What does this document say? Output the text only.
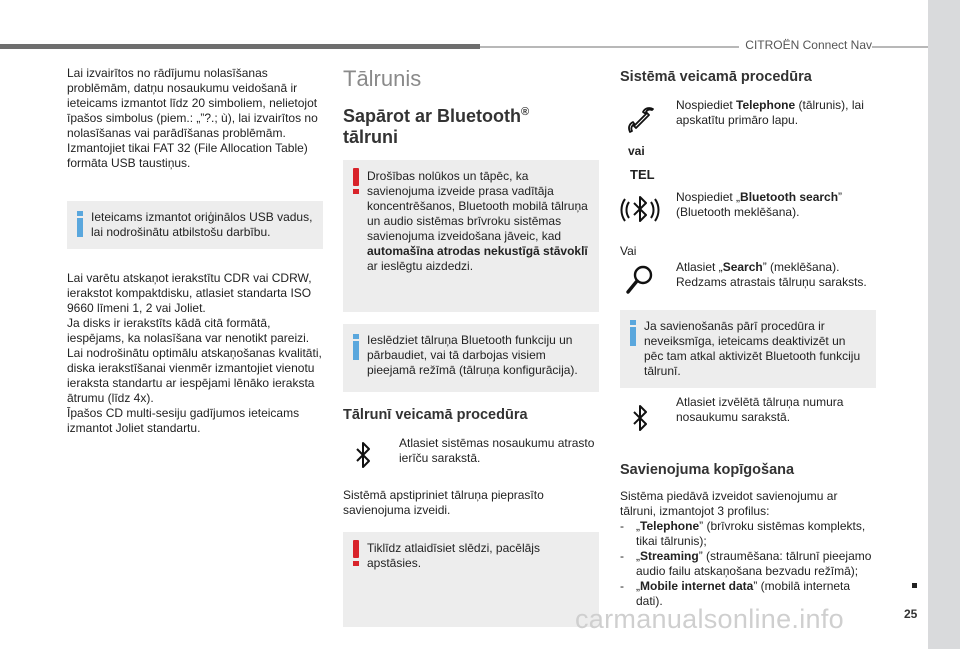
CITROËN Connect Nav

Lai izvairītos no rādījumu nolasīšanas problēmām, datņu nosaukumu veidošanā ir ieteicams izmantot līdz 20 simboliem, nelietojot īpašos simbolus (piem.: „”?.; ù), lai izvairītos no nolasīšanas vai parādīšanas problēmām.

Izmantojiet tikai FAT 32 (File Allocation Table) formāta USB taustiņus.

Ieteicams izmantot oriģinālos USB vadus, lai nodrošinātu atbilstošu darbību.

Lai varētu atskaņot ierakstītu CDR vai CDRW, ierakstot kompaktdisku, atlasiet standarta ISO 9660 līmeni 1, 2 vai Joliet.

Ja disks ir ierakstīts kādā citā formātā, iespējams, ka nolasīšana var nenotikt pareizi.

Lai nodrošinātu optimālu atskaņošanas kvalitāti, diska ierakstīšanai vienmēr izmantojiet vienotu ieraksta standartu ar iespējami lēnāko ieraksta ātrumu (līdz 4x).

Īpašos CD multi-sesiju gadījumos ieteicams izmantot Joliet standartu.

Tālrunis
Sapārot ar Bluetooth®
tālruni
Drošības nolūkos un tāpēc, ka savienojuma izveide prasa vadītāja koncentrēšanos, Bluetooth mobilā tālruņa un audio sistēmas brīvroku sistēmas savienojuma izveidošana jāveic, kad automašīna atrodas nekustīgā stāvoklī ar ieslēgtu aizdedzi.
Ieslēdziet tālruņa Bluetooth funkciju un pārbaudiet, vai tā darbojas visiem pieejamā režīmā (tālruņa konfigurācija).
Tālrunī veicamā procedūra
Atlasiet sistēmas nosaukumu atrasto ierīču sarakstā.

Sistēmā apstipriniet tālruņa pieprasīto savienojuma izveidi.

Tiklīdz atlaidīsiet slēdzi, pacēlājs apstāsies.
Sistēmā veicamā procedūra
Nospiediet Telephone (tālrunis), lai apskatītu primāro lapu.
vai
TEL
Nospiediet „Bluetooth search” (Bluetooth meklēšana).
Vai
Atlasiet „Search” (meklēšana). Redzams atrastais tālruņu saraksts.
Ja savienošanās pārī procedūra ir neveiksmīga, ieteicams deaktivizēt un pēc tam atkal aktivizēt Bluetooth funkciju tālrunī.
Atlasiet izvēlētā tālruņa numura nosaukumu sarakstā.
Savienojuma kopīgošana

Sistēma piedāvā izveidot savienojumu ar tālruni, izmantojot 3 profilus:

- „Telephone” (brīvroku sistēmas komplekts, tikai tālrunis);
- „Streaming” (straumēšana: tālrunī pieejamo audio failu atskaņošana bezvadu režīmā);
- „Mobile internet data” (mobilā interneta dati).
25
carmanualsonline.info
